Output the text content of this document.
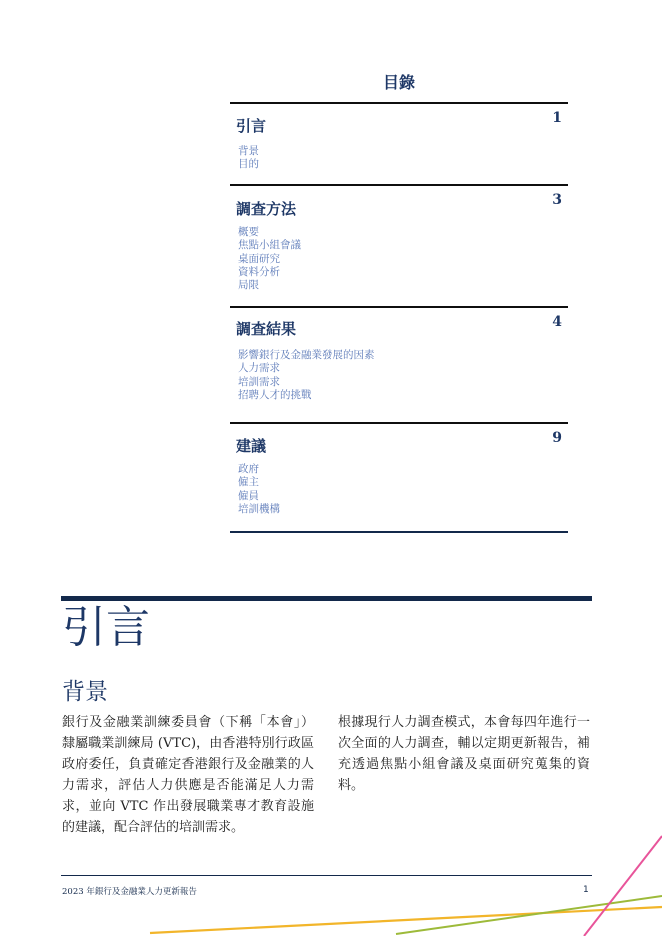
目錄
引言	1
背景
目的
調查方法	3
概要
焦點小組會議
桌面研究
資料分析
局限
調查結果	4
影響銀行及金融業發展的因素
人力需求
培訓需求
招聘人才的挑戰
建議	9
政府
僱主
僱員
培訓機構
引言
背景
銀行及金融業訓練委員會（下稱「本會」）隸屬職業訓練局 (VTC)，由香港特別行政區政府委任，負責確定香港銀行及金融業的人力需求，評估人力供應是否能滿足人力需求，並向 VTC 作出發展職業專才教育設施的建議，配合評估的培訓需求。
根據現行人力調查模式，本會每四年進行一次全面的人力調查，輔以定期更新報告，補充透過焦點小組會議及桌面研究蒐集的資料。
2023 年銀行及金融業人力更新報告	1
